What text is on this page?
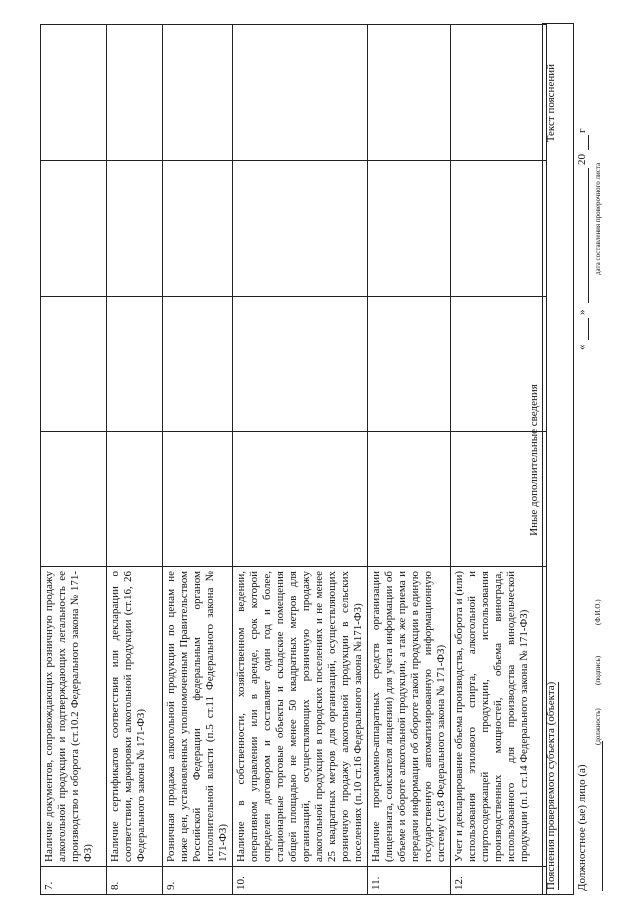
7.	Наличие документов, сопровождающих розничную продажу алкогольной продукции и подтверждающих легальность ее производство и оборота (ст.10.2 Федерального закона № 171-ФЗ)				
8.	Наличие сертификатов соответствия или декларации о соответствии, маркировки алкогольной продукции (ст.16, 26 Федерального закона № 171-ФЗ)				
9.	Розничная продажа алкогольной продукции по ценам не ниже цен, установленных уполномоченным Правительством Российской Федерации федеральным органом исполнительной власти (п.5 ст.11 Федерального закона № 171-ФЗ)				
10.	Наличие в собственности, хозяйственном ведении, оперативном управлении или в аренде, срок которой определен договором и составляет один год и более, стационарные торговые объекты и складские помещения общей площадью не менее 50 квадратных метров для организаций, осуществляющих розничную продажу алкогольной продукции в городских поселениях и не менее 25 квадратных метров для организаций, осуществляющих розничную продажу алкогольной продукции в сельских поселениях (п.10 ст.16 Федерального закона №171-ФЗ)				
11.	Наличие программно-аппаратных средств организации (лицензиата, соискателя лицензии) для учета информации об объеме и обороте алкогольной продукции, а так же приема и передачи информации об обороте такой продукции в единую государственную автоматизированную информационную систему (ст.8 Федерального закона № 171-ФЗ)				
12.	Учет и декларирование объема производства, оборота и (или) использования этилового спирта, алкогольной и спиртосодержащей продукции, использования производственных мощностей, объема винограда, использованного для производства винодельческой продукции (п.1 ст.14 Федерального закона № 171-ФЗ)				
Иные дополнительные сведения
Пояснения проверяемого субъекта (объекта)
Текст пояснений
Должностное (ые) лицо (а)
(должность)
(подпись)
(Ф.И.О.)
«
»
20
г
дата составления проверочного листа
